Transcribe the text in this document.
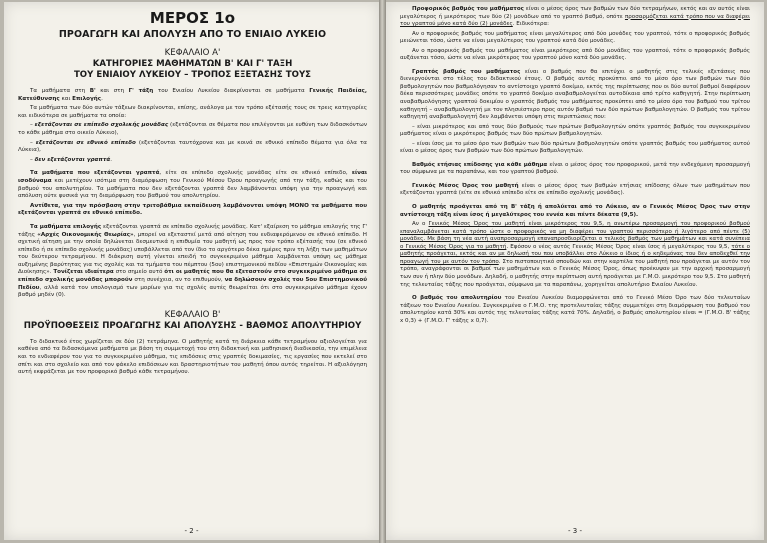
ΜΕΡΟΣ 1ο
ΠΡΟΑΓΩΓΗ ΚΑΙ ΑΠΟΛΥΣΗ ΑΠΟ ΤΟ ΕΝΙΑΙΟ ΛΥΚΕΙΟ
ΚΕΦΑΛΑΙΟ Α'
ΚΑΤΗΓΟΡΙΕΣ ΜΑΘΗΜΑΤΩΝ Β' ΚΑΙ Γ' ΤΑΞΗ
ΤΟΥ ΕΝΙΑΙΟΥ ΛΥΚΕΙΟΥ – ΤΡΟΠΟΣ ΕΞΕΤΑΣΗΣ ΤΟΥΣ

Τα μαθήματα στη Β' και στη Γ' τάξη του Ενιαίου Λυκείου διακρίνονται σε μαθήματα Γενικής Παιδείας, Κατεύθυνσης και Επιλογής.

Τα μαθήματα των δύο αυτών τάξεων διακρίνονται, επίσης, ανάλογα με τον τρόπο εξέτασής τους σε τρεις κατηγορίες και ειδικότερα σε μαθήματα τα οποία:

– εξετάζονται σε επίπεδο σχολικής μονάδας (εξετάζονται σε θέματα που επιλέγονται με ευθύνη των διδασκόντων το κάθε μάθημα στο οικείο Λύκειο),

– εξετάζονται σε εθνικό επίπεδο (εξετάζονται ταυτόχρονα και με κοινά σε εθνικό επίπεδο θέματα για όλα τα Λύκεια),

– δεν εξετάζονται γραπτά.

Τα μαθήματα που εξετάζονται γραπτά, είτε σε επίπεδο σχολικής μονάδας είτε σε εθνικό επίπεδο, είναι ισοδύναμα και μετέχουν ισότιμα στη διαμόρφωση του Γενικού Μέσου Όρου προαγωγής από την τάξη, καθώς και του βαθμού του απολυτηρίου. Τα μαθήματα που δεν εξετάζονται γραπτά δεν λαμβάνονται υπόψη για την προαγωγή και απόλυση ούτε φυσικά για τη διαμόρφωση του βαθμού του απολυτηρίου.

Αντίθετα, για την πρόσβαση στην τριτοβάθμια εκπαίδευση λαμβάνονται υπόψη ΜΟΝΟ τα μαθήματα που εξετάζονται γραπτά σε εθνικό επίπεδο.

Τα μαθήματα επιλογής εξετάζονται γραπτά σε επίπεδο σχολικής μονάδας. Κατ' εξαίρεση το μάθημα επιλογής της Γ' τάξης «Αρχές Οικονομικής Θεωρίας», μπορεί να εξεταστεί μετά από αίτηση του ενδιαφερόμενου σε εθνικό επίπεδο. Η σχετική αίτηση με την οποία δηλώνεται δεσμευτικά η επιθυμία του μαθητή ως προς τον τρόπο εξέτασής του (σε εθνικό επίπεδο ή σε επίπεδο σχολικής μονάδας) υποβάλλεται από τον ίδιο το αργότερο δέκα ημέρες πριν τη λήξη των μαθημάτων του δεύτερου τετραμήνου. Η διάκριση αυτή γίνεται επειδή το συγκεκριμένο μάθημα λαμβάνεται υπόψη ως μάθημα αυξημένης βαρύτητας για τις σχολές και τα τμήματα του πέμπτου (5ου) επιστημονικού πεδίου «Επιστημών Οικονομίας και Διοίκησης». Τονίζεται ιδιαίτερα στο σημείο αυτό ότι οι μαθητές που θα εξεταστούν στο συγκεκριμένο μάθημα σε επίπεδο σχολικής μονάδας μπορούν στη συνέχεια, αν το επιθυμούν, να δηλώσουν σχολές του 5ου Επιστημονικού Πεδίου, αλλά κατά τον υπολογισμό των μορίων για τις σχολές αυτές θεωρείται ότι στο συγκεκριμένο μάθημα έχουν βαθμό μηδέν (0).

ΚΕΦΑΛΑΙΟ Β'
ΠΡΟΫΠΟΘΕΣΕΙΣ ΠΡΟΑΓΩΓΗΣ ΚΑΙ ΑΠΟΛΥΣΗΣ - ΒΑΘΜΟΣ ΑΠΟΛΥΤΗΡΙΟΥ

Το διδακτικό έτος χωρίζεται σε δύο (2) τετράμηνα. Ο μαθητής κατά τη διάρκεια κάθε τετραμήνου αξιολογείται για καθένα από τα διδασκόμενα μαθήματα με βάση τη συμμετοχή του στη διδακτική και μαθησιακή διαδικασία, την επιμέλεια και το ενδιαφέρον του για το συγκεκριμένο μάθημα, τις επιδόσεις στις γραπτές δοκιμασίες, τις εργασίες που εκτελεί στο σπίτι και στο σχολείο και από τον φάκελο επιδόσεων και δραστηριοτήτων του μαθητή όπου αυτός τηρείται. Η αξιολόγηση αυτή εκφράζεται με τον προφορικό βαθμό κάθε τετραμήνου.

- 2 -

Προφορικός βαθμός του μαθήματος είναι ο μέσος όρος των βαθμών των δύο τετραμήνων, εκτός και αν αυτός είναι μεγαλύτερος ή μικρότερος των δύο (2) μονάδων από το γραπτό βαθμό, οπότε προσαρμόζεται κατά τρόπο που να διαφέρει του γραπτού μόνο κατά δύο (2) μονάδες. Ειδικότερα:

Αν ο προφορικός βαθμός του μαθήματος είναι μεγαλύτερος από δύο μονάδες του γραπτού, τότε ο προφορικός βαθμός μειώνεται τόσο, ώστε να είναι μεγαλύτερος του γραπτού κατά δύο μονάδες.

Αν ο προφορικός βαθμός του μαθήματος είναι μικρότερος από δύο μονάδες του γραπτού, τότε ο προφορικός βαθμός αυξάνεται τόσο, ώστε να είναι μικρότερος του γραπτού μόνο κατά δύο μονάδες.

Γραπτός βαθμός του μαθήματος είναι ο βαθμός που θα επιτύχει ο μαθητής στις τελικές εξετάσεις που διενεργούνται στο τέλος του διδακτικού έτους. Ο βαθμός αυτός προκύπτει από το μέσο όρο των βαθμών των δύο βαθμολογητών που βαθμολόγησαν το αντίστοιχο γραπτό δοκίμιο, εκτός της περίπτωσης που οι δύο αυτοί βαθμοί διαφέρουν δέκα περισσότερες μονάδες οπότε το γραπτό δοκίμιο αναβαθμολογείται αυτοδίκαια από τρίτο καθηγητή. Στην περίπτωση αναβαθμολόγησης γραπτού δοκιμίου ο γραπτός βαθμός του μαθήματος προκύπτει από το μέσο όρο του βαθμού του τρίτου καθηγητή – αναβαθμολογητή με τον πλησιέστερο προς αυτόν βαθμό των δύο πρώτων βαθμολογητών. Ο βαθμός του τρίτου καθηγητή αναβαθμολογητή δεν λαμβάνεται υπόψη στις περιπτώσεις που:

– είναι μικρότερος και από τους δύο βαθμούς των πρώτων βαθμολογητών οπότε γραπτός βαθμός του συγκεκριμένου μαθήματος είναι ο μικρότερος βαθμός των δύο πρώτων βαθμολογητών.

– είναι ίσος με το μέσο όρο των βαθμών των δύο πρώτων βαθμολογητών οπότε γραπτός βαθμός του μαθήματος αυτού είναι ο μέσος όρος των βαθμών των δύο πρώτων βαθμολογητών.

Βαθμός ετήσιας επίδοσης για κάθε μάθημα είναι ο μέσος όρος του προφορικού, μετά την ενδεχόμενη προσαρμογή του σύμφωνα με τα παραπάνω, και του γραπτού βαθμού.

Γενικός Μέσος Όρος του μαθητή είναι ο μέσος όρος των βαθμών ετήσιας επίδοσης όλων των μαθημάτων που εξετάζονται γραπτά (είτε σε εθνικό επίπεδο είτε σε επίπεδο σχολικής μονάδας).

Ο μαθητής προάγεται από τη Β' τάξη ή απολύεται από το Λύκειο, αν ο Γενικός Μέσος Όρος των στην αντίστοιχη τάξη είναι ίσος ή μεγαλύτερος του εννέα και πέντε δέκατα (9,5).

Αν ο Γενικός Μέσος Όρος του μαθητή είναι μικρότερος του 9,5, η ανωτέρω προσαρμογή του προφορικού βαθμού επαναλαμβάνεται κατά τρόπο ώστε ο προφορικός να μη διαφέρει του γραπτού περισσότερο ή λιγότερο από πέντε (5) μονάδες. Με βάση τη νέα αυτή αναπροσαρμογή επαναπροσδιορίζεται ο τελικός βαθμός των μαθημάτων και κατά συνέπεια ο Γενικός Μέσος Όρος για το μαθητή. Εφόσον ο νέος αυτός Γενικός Μέσος Όρος είναι ίσος ή μεγαλύτερος του 9,5, τότε ο μαθητής προάγεται, εκτός και αν με δηλωσή του που υποβάλλει στο Λύκειο ο ίδιος ή ο κηδεμόνας του δεν αποδεχθεί την προαγωγή του με αυτόν τον τρόπο. Στο πιστοποιητικό σπουδών και στην καρτέλα του μαθητή που προάγεται με αυτόν τον τρόπο, αναγράφονται οι βαθμοί των μαθημάτων και ο Γενικός Μέσος Όρος, όπως προέκυψαν με την αρχική προσαρμογή των συν ή πλην δύο μονάδων. Δηλαδή, ο μαθητής στην περίπτωση αυτή προάγεται με Γ.Μ.Ο. μικρότερο του 9,5. Στο μαθητή της τελευταίας τάξης που προάγεται, σύμφωνα με τα παραπάνω, χορηγείται απολυτήριο Ενιαίου Λυκείου.

Ο βαθμός του απολυτηρίου του Ενιαίου Λυκείου διαμορφώνεται από το Γενικό Μέσο Όρο των δύο τελευταίων τάξεων του Ενιαίου Λυκείου. Συγκεκριμένα ο Γ.Μ.Ο. της προτελευταίας τάξης συμμετέχει στη διαμόρφωση του βαθμού του απολυτηρίου κατά 30% και αυτός της τελευταίας τάξης κατά 70%. Δηλαδή, ο βαθμός απολυτηρίου είναι = (Γ.Μ.Ο. Β' τάξης x 0,3) + (Γ.Μ.Ο. Γ' τάξης x 0,7).

- 3 -
